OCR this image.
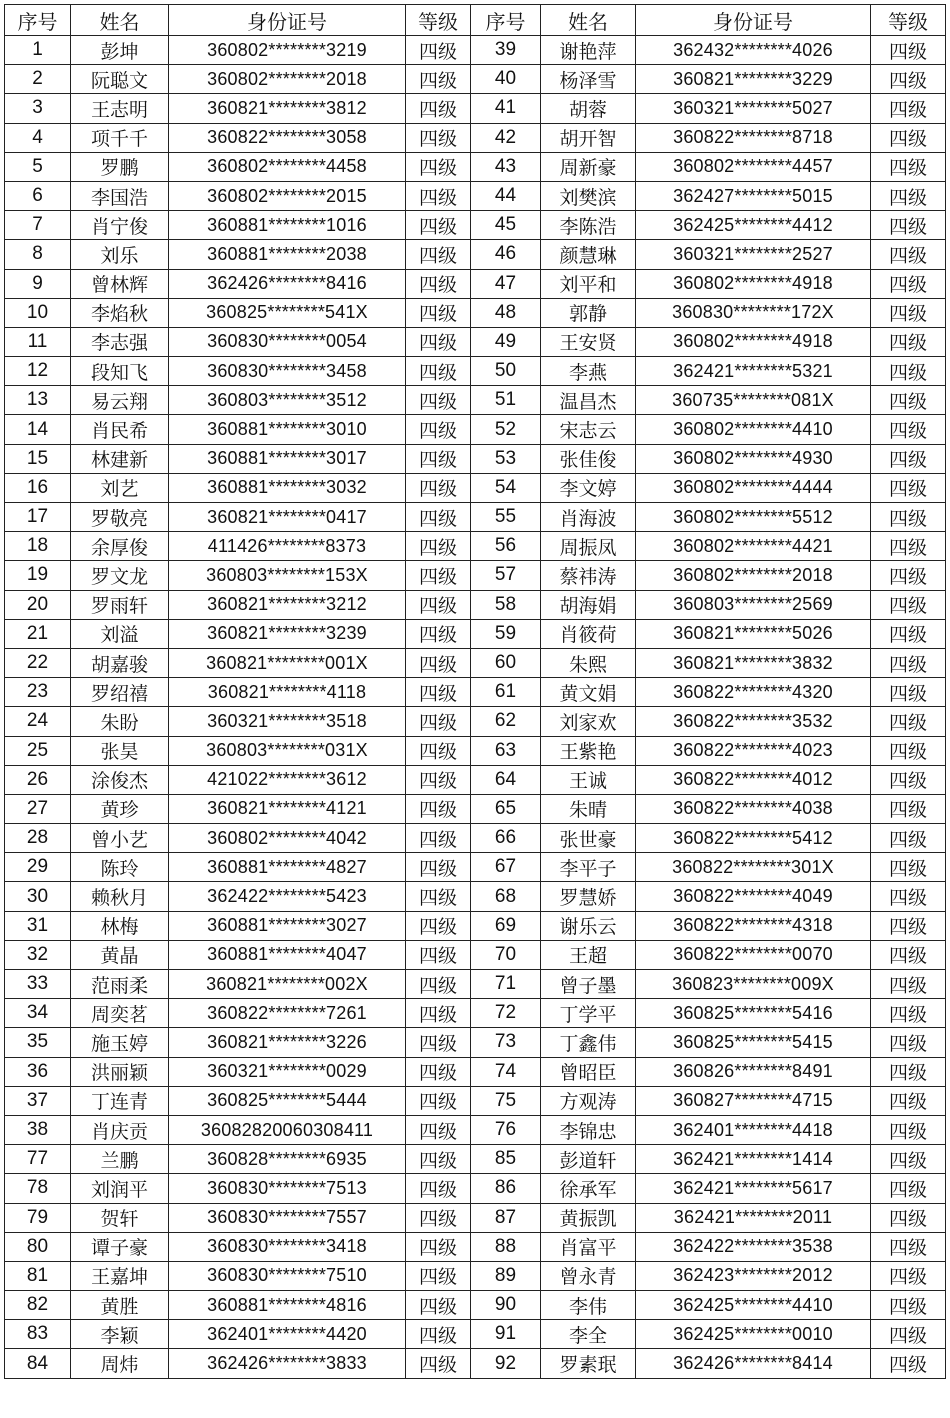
序号	姓名	身份证号	等级	序号	姓名	身份证号	等级
1	彭坤	360802********3219	四级	39	谢艳萍	362432********4026	四级
2	阮聪文	360802********2018	四级	40	杨泽雪	360821********3229	四级
3	王志明	360821********3812	四级	41	胡蓉	360321********5027	四级
4	项千千	360822********3058	四级	42	胡开智	360822********8718	四级
5	罗鹏	360802********4458	四级	43	周新豪	360802********4457	四级
6	李国浩	360802********2015	四级	44	刘樊滨	362427********5015	四级
7	肖宁俊	360881********1016	四级	45	李陈浩	362425********4412	四级
8	刘乐	360881********2038	四级	46	颜慧琳	360321********2527	四级
9	曾林辉	362426********8416	四级	47	刘平和	360802********4918	四级
10	李焰秋	360825********541X	四级	48	郭静	360830********172X	四级
11	李志强	360830********0054	四级	49	王安贤	360802********4918	四级
12	段知飞	360830********3458	四级	50	李燕	362421********5321	四级
13	易云翔	360803********3512	四级	51	温昌杰	360735********081X	四级
14	肖民希	360881********3010	四级	52	宋志云	360802********4410	四级
15	林建新	360881********3017	四级	53	张佳俊	360802********4930	四级
16	刘艺	360881********3032	四级	54	李文婷	360802********4444	四级
17	罗敬亮	360821********0417	四级	55	肖海波	360802********5512	四级
18	余厚俊	411426********8373	四级	56	周振凤	360802********4421	四级
19	罗文龙	360803********153X	四级	57	蔡祎涛	360802********2018	四级
20	罗雨轩	360821********3212	四级	58	胡海娟	360803********2569	四级
21	刘溢	360821********3239	四级	59	肖筱荷	360821********5026	四级
22	胡嘉骏	360821********001X	四级	60	朱熙	360821********3832	四级
23	罗绍禧	360821********4118	四级	61	黄文娟	360822********4320	四级
24	朱盼	360321********3518	四级	62	刘家欢	360822********3532	四级
25	张昊	360803********031X	四级	63	王紫艳	360822********4023	四级
26	涂俊杰	421022********3612	四级	64	王诚	360822********4012	四级
27	黄珍	360821********4121	四级	65	朱晴	360822********4038	四级
28	曾小艺	360802********4042	四级	66	张世豪	360822********5412	四级
29	陈玲	360881********4827	四级	67	李平子	360822********301X	四级
30	赖秋月	362422********5423	四级	68	罗慧娇	360822********4049	四级
31	林梅	360881********3027	四级	69	谢乐云	360822********4318	四级
32	黄晶	360881********4047	四级	70	王超	360822********0070	四级
33	范雨柔	360821********002X	四级	71	曾子墨	360823********009X	四级
34	周奕茗	360822********7261	四级	72	丁学平	360825********5416	四级
35	施玉婷	360821********3226	四级	73	丁鑫伟	360825********5415	四级
36	洪丽颖	360321********0029	四级	74	曾昭臣	360826********8491	四级
37	丁连青	360825********5444	四级	75	方观涛	360827********4715	四级
38	肖庆贡	36082820060308411	四级	76	李锦忠	362401********4418	四级
77	兰鹏	360828********6935	四级	85	彭道轩	362421********1414	四级
78	刘润平	360830********7513	四级	86	徐承军	362421********5617	四级
79	贺轩	360830********7557	四级	87	黄振凯	362421********2011	四级
80	谭子豪	360830********3418	四级	88	肖富平	362422********3538	四级
81	王嘉坤	360830********7510	四级	89	曾永青	362423********2012	四级
82	黄胜	360881********4816	四级	90	李伟	362425********4410	四级
83	李颖	362401********4420	四级	91	李全	362425********0010	四级
84	周炜	362426********3833	四级	92	罗素珉	362426********8414	四级
